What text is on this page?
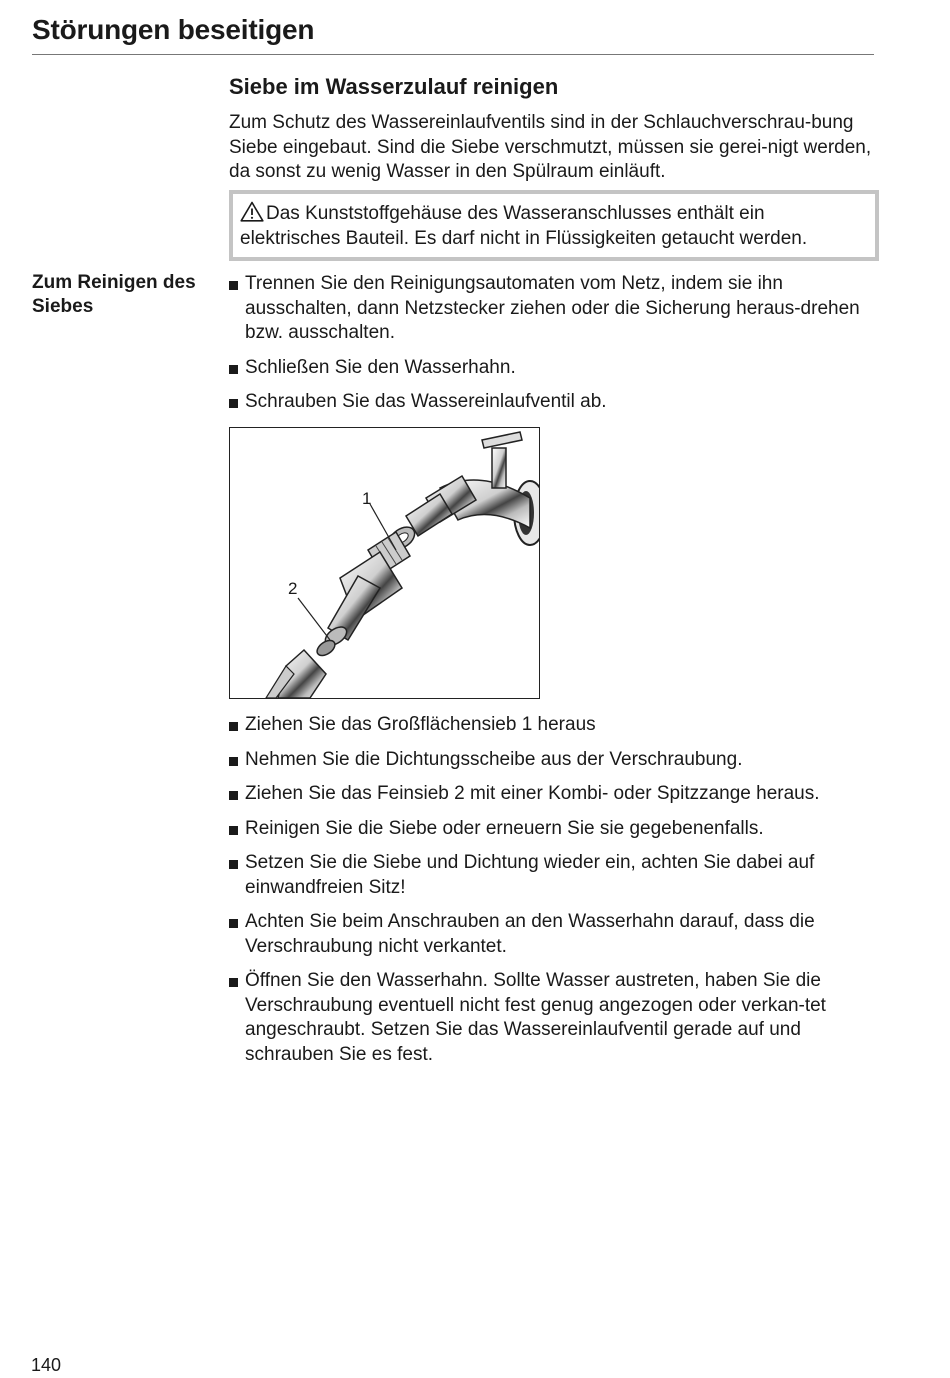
Störungen beseitigen
Siebe im Wasserzulauf reinigen
Zum Schutz des Wassereinlaufventils sind in der Schlauchverschrau-bung Siebe eingebaut. Sind die Siebe verschmutzt, müssen sie gerei-nigt werden, da sonst zu wenig Wasser in den Spülraum einläuft.
Das Kunststoffgehäuse des Wasseranschlusses enthält ein elektrisches Bauteil. Es darf nicht in Flüssigkeiten getaucht werden.
Zum Reinigen des Siebes
Trennen Sie den Reinigungsautomaten vom Netz, indem sie ihn ausschalten, dann Netzstecker ziehen oder die Sicherung heraus-drehen bzw. ausschalten.
Schließen Sie den Wasserhahn.
Schrauben Sie das Wassereinlaufventil ab.
1
2
Ziehen Sie das Großflächensieb 1 heraus
Nehmen Sie die Dichtungsscheibe aus der Verschraubung.
Ziehen Sie das Feinsieb 2 mit einer Kombi- oder Spitzzange heraus.
Reinigen Sie die Siebe oder erneuern Sie sie gegebenenfalls.
Setzen Sie die Siebe und Dichtung wieder ein, achten Sie dabei auf einwandfreien Sitz!
Achten Sie beim Anschrauben an den Wasserhahn darauf, dass die Verschraubung nicht verkantet.
Öffnen Sie den Wasserhahn. Sollte Wasser austreten, haben Sie die Verschraubung eventuell nicht fest genug angezogen oder verkan-tet angeschraubt. Setzen Sie das Wassereinlaufventil gerade auf und schrauben Sie es fest.
140
